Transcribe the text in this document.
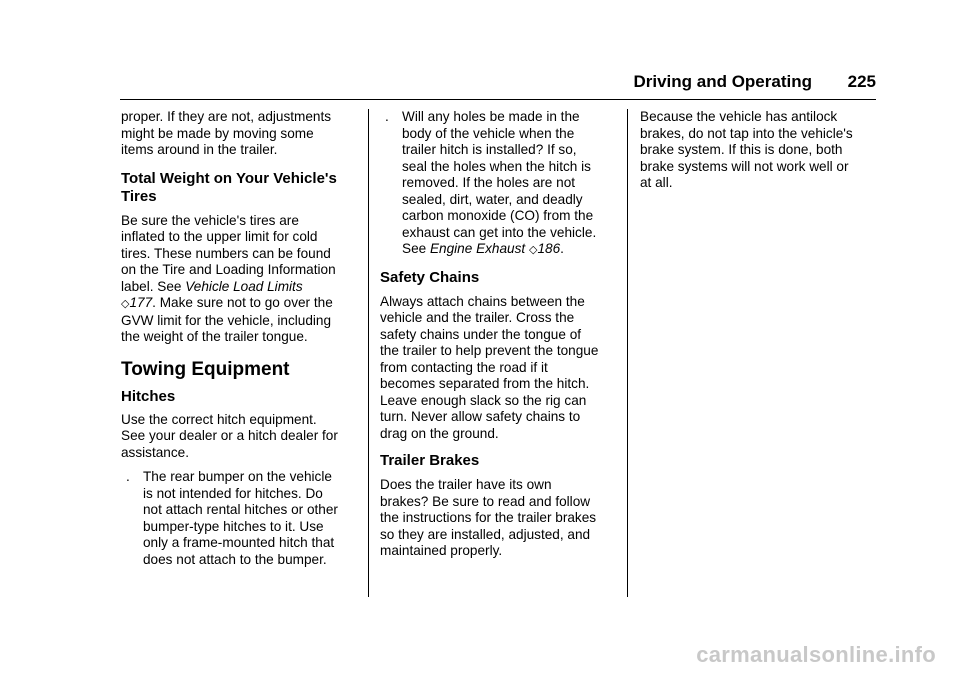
Driving and Operating 225

proper. If they are not, adjustments

might be made by moving some

items around in the trailer.

Total Weight on Your Vehicle's

Tires

Be sure the vehicle's tires are

inflated to the upper limit for cold

tires. These numbers can be found

on the Tire and Loading Information

label. See Vehicle Load Limits

◇177. Make sure not to go over the

GVW limit for the vehicle, including

the weight of the trailer tongue.

Towing Equipment

Hitches

Use the correct hitch equipment.

See your dealer or a hitch dealer for

assistance.

. The rear bumper on the vehicle

is not intended for hitches. Do

not attach rental hitches or other

bumper-type hitches to it. Use

only a frame-mounted hitch that

does not attach to the bumper.

. Will any holes be made in the

body of the vehicle when the

trailer hitch is installed? If so,

seal the holes when the hitch is

removed. If the holes are not

sealed, dirt, water, and deadly

carbon monoxide (CO) from the

exhaust can get into the vehicle.

See Engine Exhaust ◇186.

Safety Chains

Always attach chains between the

vehicle and the trailer. Cross the

safety chains under the tongue of

the trailer to help prevent the tongue

from contacting the road if it

becomes separated from the hitch.

Leave enough slack so the rig can

turn. Never allow safety chains to

drag on the ground.

Trailer Brakes

Does the trailer have its own

brakes? Be sure to read and follow

the instructions for the trailer brakes

so they are installed, adjusted, and

maintained properly.

Because the vehicle has antilock

brakes, do not tap into the vehicle's

brake system. If this is done, both

brake systems will not work well or

at all.

carmanualsonline.info
